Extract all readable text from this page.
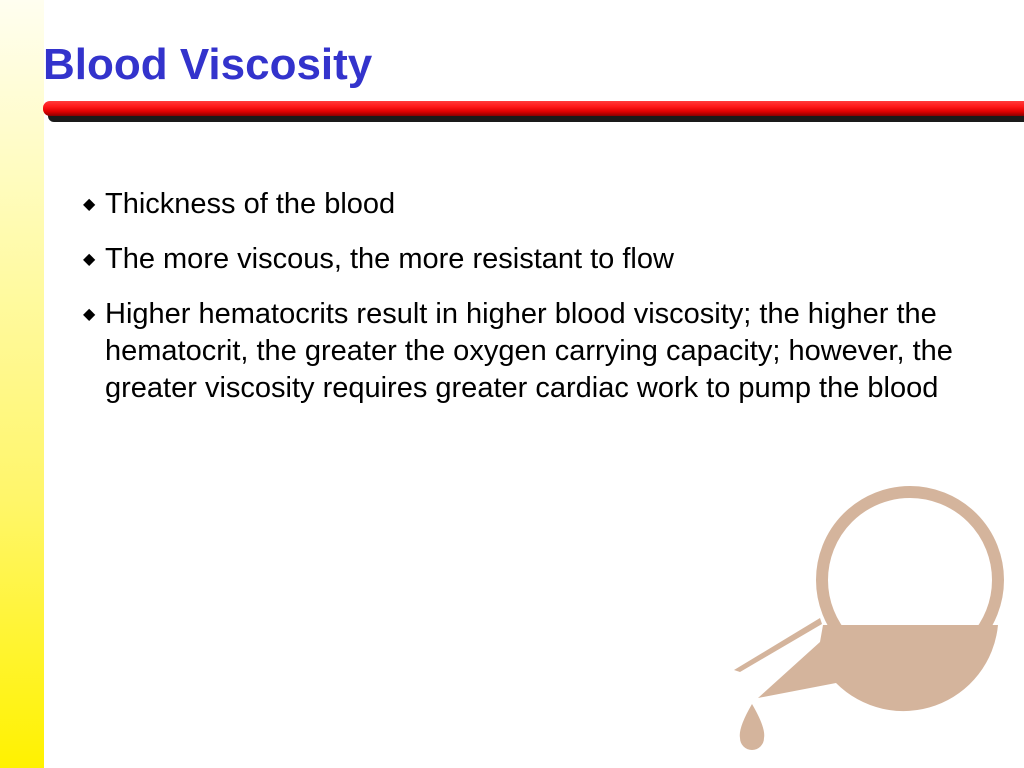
Blood Viscosity
◆ Thickness of the blood
◆ The more viscous, the more resistant to flow
◆ Higher hematocrits result in higher blood viscosity; the higher the hematocrit, the greater the oxygen carrying capacity; however, the greater viscosity requires greater cardiac work to pump the blood
